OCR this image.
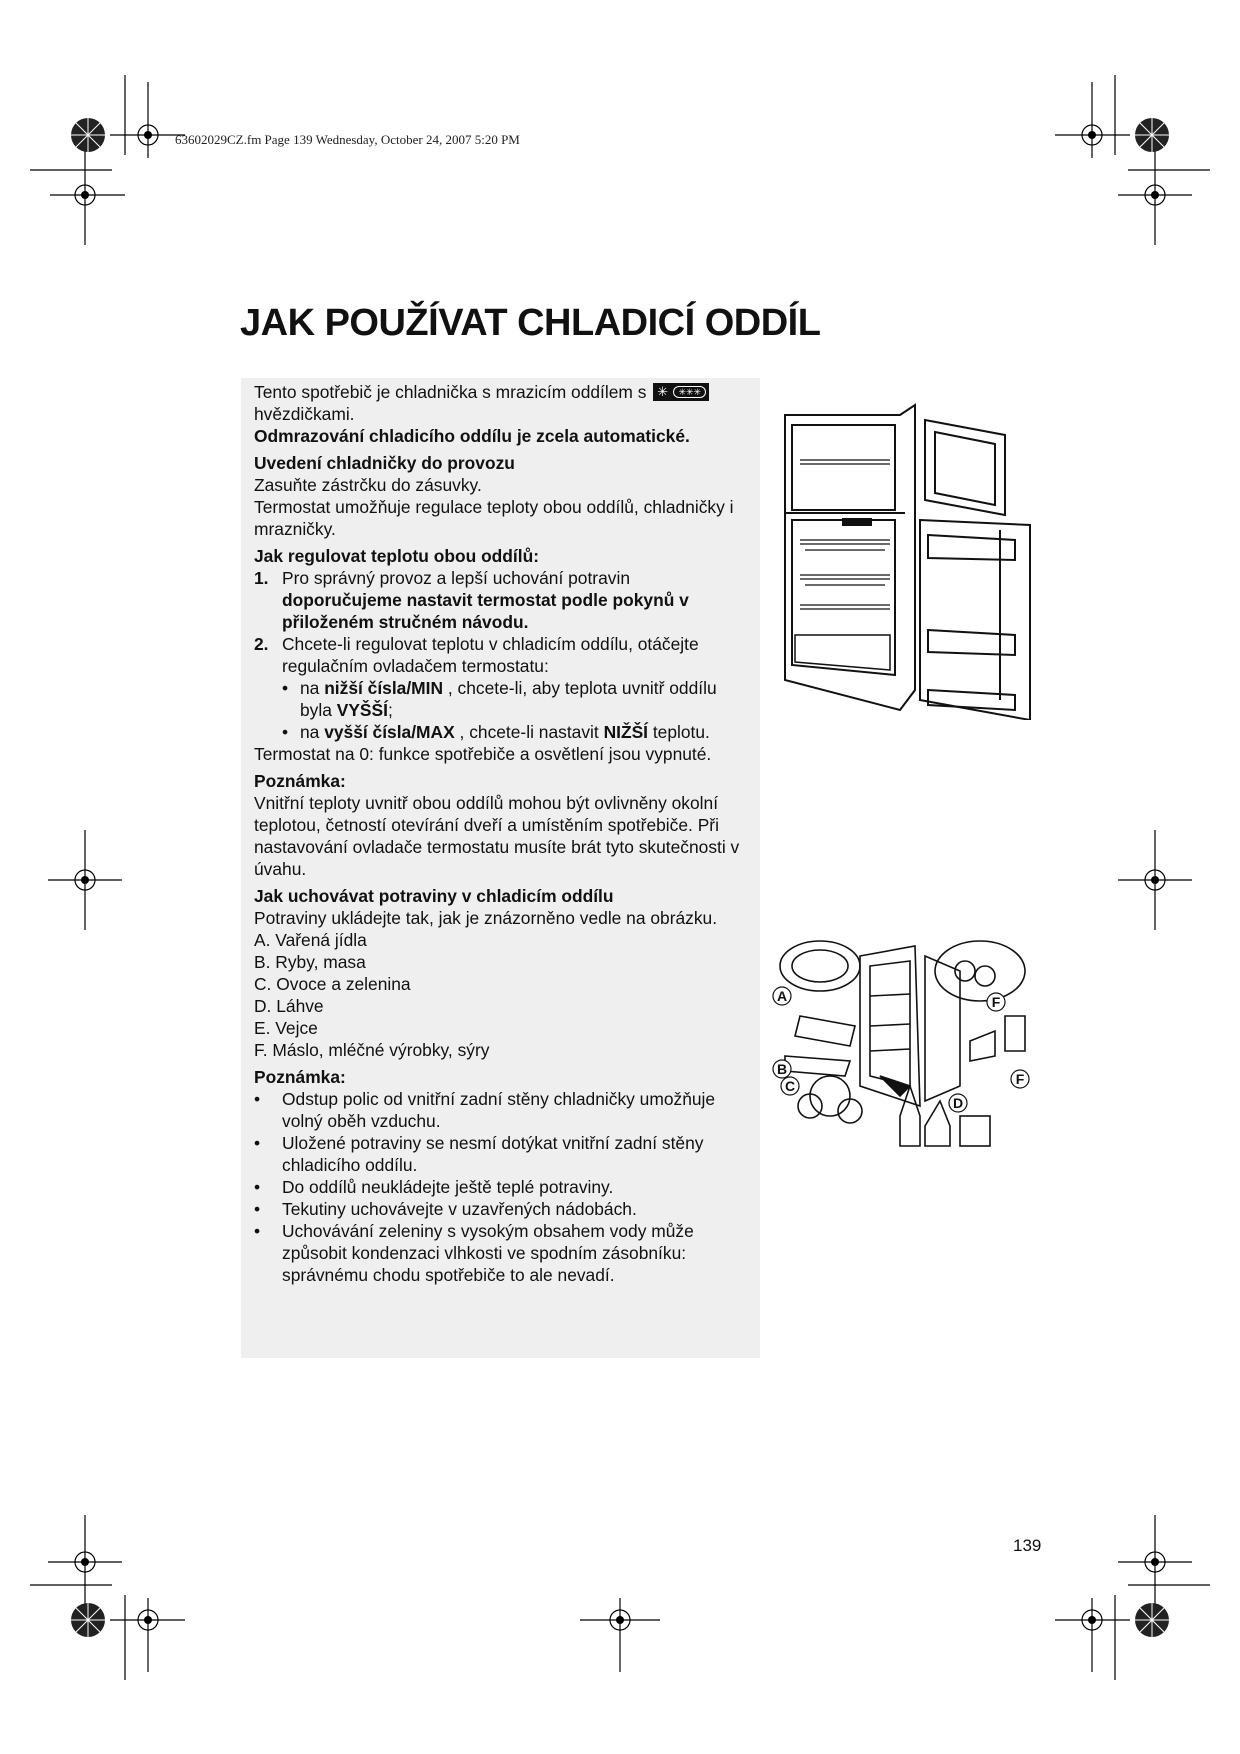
63602029CZ.fm Page 139 Wednesday, October 24, 2007 5:20 PM
JAK POUŽÍVAT CHLADICÍ ODDÍL

Tento spotřebič je chladnička s mrazicím oddílem s ✳	✳✳✳

hvězdičkami.

Odmrazování chladicího oddílu je zcela automatické.

Uvedení chladničky do provozu

Zasuňte zástrčku do zásuvky.

Termostat umožňuje regulace teploty obou oddílů, chladničky i mrazničky.

Jak regulovat teplotu obou oddílů:

1. Pro správný provoz a lepší uchování potravin doporučujeme nastavit termostat podle pokynů v přiloženém stručném návodu.
2. Chcete-li regulovat teplotu v chladicím oddílu, otáčejte regulačním ovladačem termostatu:
• na nižší čísla/MIN , chcete-li, aby teplota uvnitř oddílu byla VYŠŠÍ;
• na vyšší čísla/MAX , chcete-li nastavit NIŽŠÍ teplotu.

Termostat na 0: funkce spotřebiče a osvětlení jsou vypnuté.

Poznámka:

Vnitřní teploty uvnitř obou oddílů mohou být ovlivněny okolní teplotou, četností otevírání dveří a umístěním spotřebiče. Při nastavování ovladače termostatu musíte brát tyto skutečnosti v úvahu.

Jak uchovávat potraviny v chladicím oddílu

Potraviny ukládejte tak, jak je znázorněno vedle na obrázku.

A. Vařená jídla

B. Ryby, masa

C. Ovoce a zelenina

D. Láhve

E. Vejce

F. Máslo, mléčné výrobky, sýry

Poznámka:

•	Odstup polic od vnitřní zadní stěny chladničky umožňuje volný oběh vzduchu.
•	Uložené potraviny se nesmí dotýkat vnitřní zadní stěny chladicího oddílu.
•	Do oddílů neukládejte ještě teplé potraviny.
•	Tekutiny uchovávejte v uzavřených nádobách.
•	Uchovávání zeleniny s vysokým obsahem vody může způsobit kondenzaci vlhkosti ve spodním zásobníku: správnému chodu spotřebiče to ale nevadí.
A
B
C
D
F
F
139
